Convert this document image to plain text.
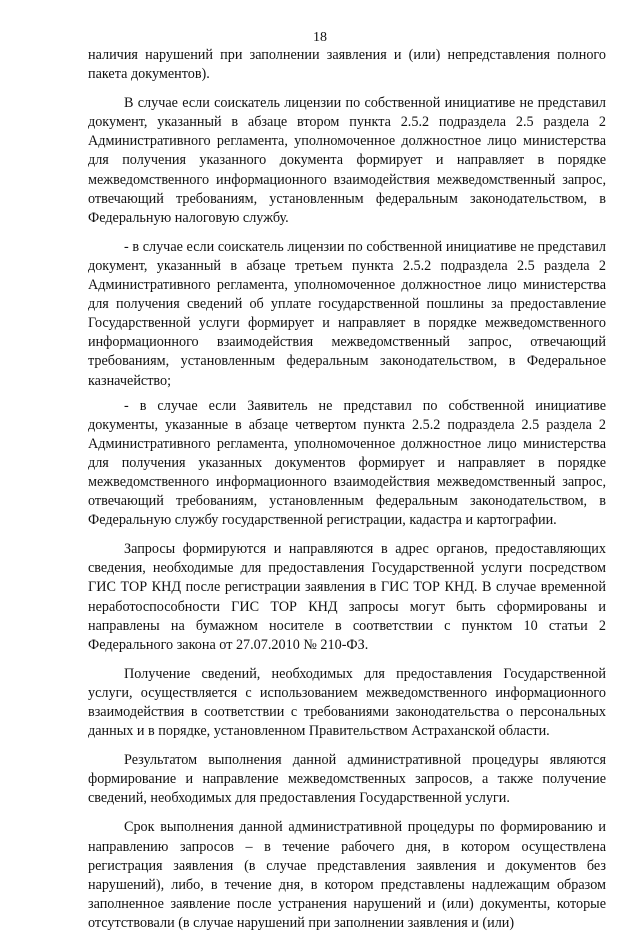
18

наличия нарушений при заполнении заявления и (или) непредставления полного пакета документов).

В случае если соискатель лицензии по собственной инициативе не представил документ, указанный в абзаце втором пункта 2.5.2 подраздела 2.5 раздела 2 Административного регламента, уполномоченное должностное лицо министерства для получения указанного документа формирует и направляет в порядке межведомственного информационного взаимодействия межведомственный запрос, отвечающий требованиям, установленным федеральным законодательством, в Федеральную налоговую службу.

- в случае если соискатель лицензии по собственной инициативе не представил документ, указанный в абзаце третьем пункта 2.5.2 подраздела 2.5 раздела 2 Административного регламента, уполномоченное должностное лицо министерства для получения сведений об уплате государственной пошлины за предоставление Государственной услуги формирует и направляет в порядке межведомственного информационного взаимодействия межведомственный запрос, отвечающий требованиям, установленным федеральным законодательством, в Федеральное казначейство;

- в случае если Заявитель не представил по собственной инициативе документы, указанные в абзаце четвертом пункта 2.5.2 подраздела 2.5 раздела 2 Административного регламента, уполномоченное должностное лицо министерства для получения указанных документов формирует и направляет в порядке межведомственного информационного взаимодействия межведомственный запрос, отвечающий требованиям, установленным федеральным законодательством, в Федеральную службу государственной регистрации, кадастра и картографии.

Запросы формируются и направляются в адрес органов, предоставляющих сведения, необходимые для предоставления Государственной услуги посредством ГИС ТОР КНД после регистрации заявления в ГИС ТОР КНД. В случае временной неработоспособности ГИС ТОР КНД запросы могут быть сформированы и направлены на бумажном носителе в соответствии с пунктом 10 статьи 2 Федерального закона от 27.07.2010 № 210-ФЗ.

Получение сведений, необходимых для предоставления Государственной услуги, осуществляется с использованием межведомственного информационного взаимодействия в соответствии с требованиями законодательства о персональных данных и в порядке, установленном Правительством Астраханской области.

Результатом выполнения данной административной процедуры являются формирование и направление межведомственных запросов, а также получение сведений, необходимых для предоставления Государственной услуги.

Срок выполнения данной административной процедуры по формированию и направлению запросов – в течение рабочего дня, в котором осуществлена регистрация заявления (в случае представления заявления и документов без нарушений), либо, в течение дня, в котором представлены надлежащим образом заполненное заявление после устранения нарушений и (или) документы, которые отсутствовали (в случае нарушений при заполнении заявления и (или)
